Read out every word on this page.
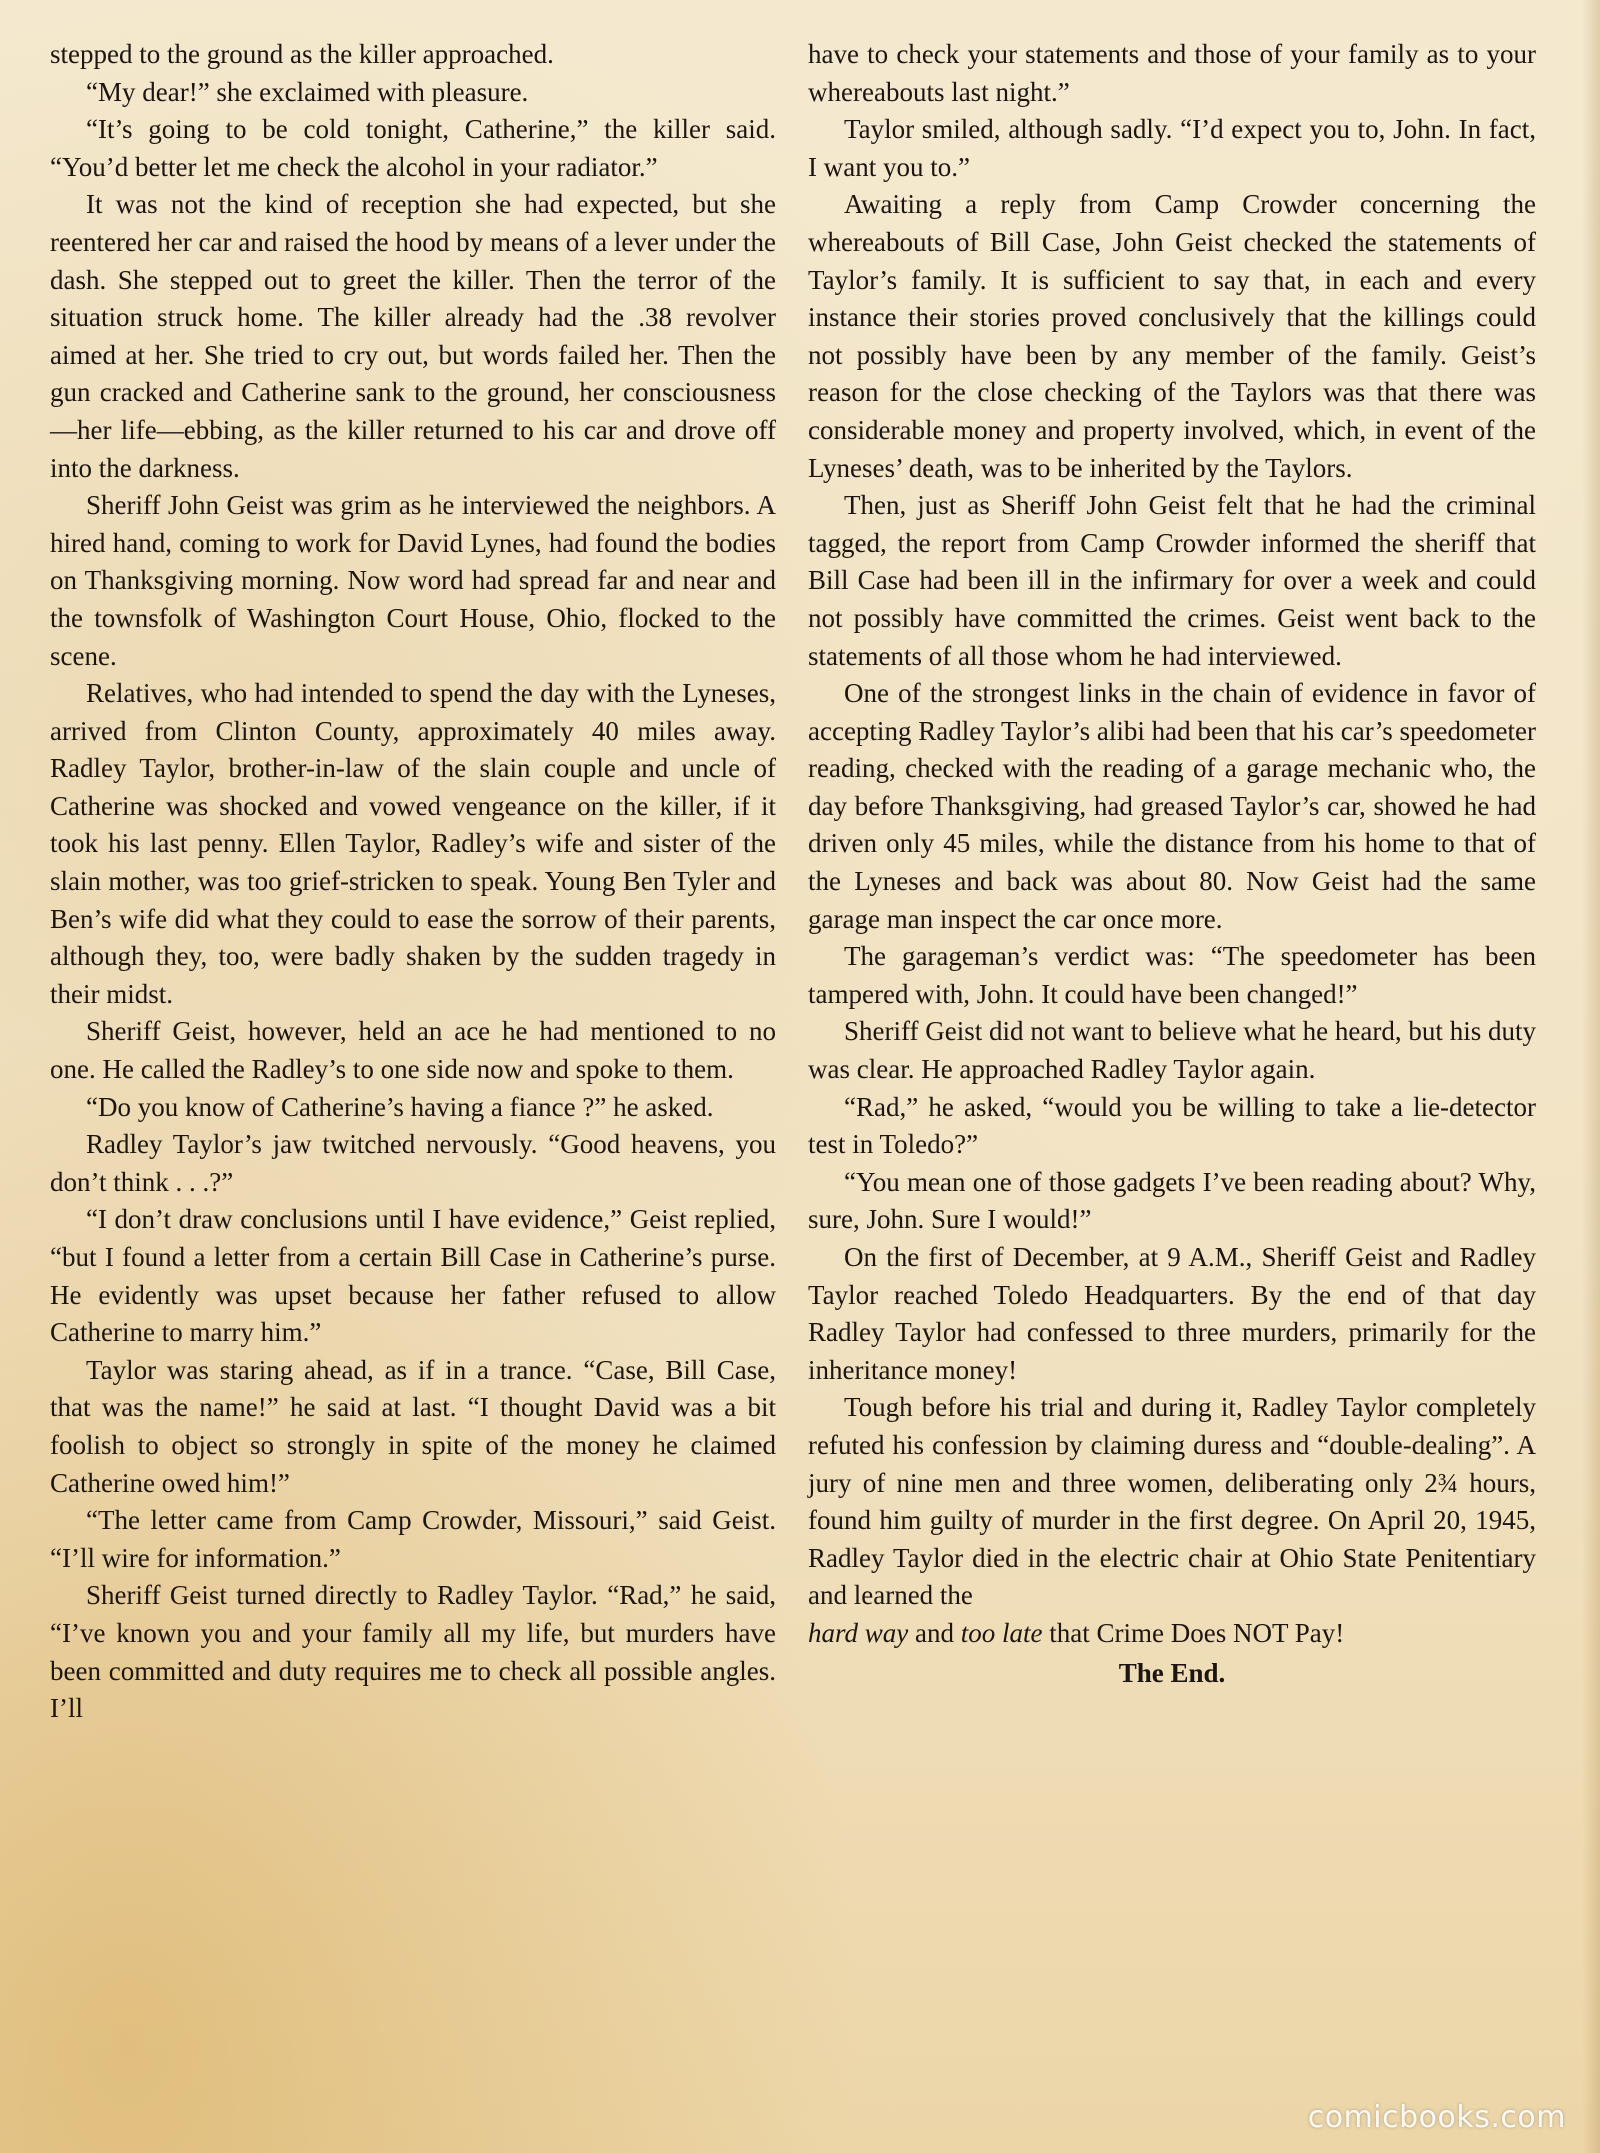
stepped to the ground as the killer approached.

“My dear!” she exclaimed with pleasure.

“It’s going to be cold tonight, Catherine,” the killer said. “You’d better let me check the alcohol in your radiator.”

It was not the kind of reception she had expected, but she reentered her car and raised the hood by means of a lever under the dash. She stepped out to greet the killer. Then the terror of the situation struck home. The killer already had the .38 revolver aimed at her. She tried to cry out, but words failed her. Then the gun cracked and Catherine sank to the ground, her consciousness—her life—ebbing, as the killer returned to his car and drove off into the darkness.

Sheriff John Geist was grim as he interviewed the neighbors. A hired hand, coming to work for David Lynes, had found the bodies on Thanksgiving morning. Now word had spread far and near and the townsfolk of Washington Court House, Ohio, flocked to the scene.

Relatives, who had intended to spend the day with the Lyneses, arrived from Clinton County, approximately 40 miles away. Radley Taylor, brother-in-law of the slain couple and uncle of Catherine was shocked and vowed vengeance on the killer, if it took his last penny. Ellen Taylor, Radley’s wife and sister of the slain mother, was too grief-stricken to speak. Young Ben Tyler and Ben’s wife did what they could to ease the sorrow of their parents, although they, too, were badly shaken by the sudden tragedy in their midst.

Sheriff Geist, however, held an ace he had mentioned to no one. He called the Radley’s to one side now and spoke to them.

“Do you know of Catherine’s having a fiance ?” he asked.

Radley Taylor’s jaw twitched nervously. “Good heavens, you don’t think . . .?”

“I don’t draw conclusions until I have evidence,” Geist replied, “but I found a letter from a certain Bill Case in Catherine’s purse. He evidently was upset because her father refused to allow Catherine to marry him.”

Taylor was staring ahead, as if in a trance. “Case, Bill Case, that was the name!” he said at last. “I thought David was a bit foolish to object so strongly in spite of the money he claimed Catherine owed him!”

“The letter came from Camp Crowder, Missouri,” said Geist. “I’ll wire for information.”

Sheriff Geist turned directly to Radley Taylor. “Rad,” he said, “I’ve known you and your family all my life, but murders have been committed and duty requires me to check all possible angles. I’ll

have to check your statements and those of your family as to your whereabouts last night.”

Taylor smiled, although sadly. “I’d expect you to, John. In fact, I want you to.”

Awaiting a reply from Camp Crowder concerning the whereabouts of Bill Case, John Geist checked the statements of Taylor’s family. It is sufficient to say that, in each and every instance their stories proved conclusively that the killings could not possibly have been by any member of the family. Geist’s reason for the close checking of the Taylors was that there was considerable money and property involved, which, in event of the Lyneses’ death, was to be inherited by the Taylors.

Then, just as Sheriff John Geist felt that he had the criminal tagged, the report from Camp Crowder informed the sheriff that Bill Case had been ill in the infirmary for over a week and could not possibly have committed the crimes. Geist went back to the statements of all those whom he had interviewed.

One of the strongest links in the chain of evidence in favor of accepting Radley Taylor’s alibi had been that his car’s speedometer reading, checked with the reading of a garage mechanic who, the day before Thanksgiving, had greased Taylor’s car, showed he had driven only 45 miles, while the distance from his home to that of the Lyneses and back was about 80. Now Geist had the same garage man inspect the car once more.

The garageman’s verdict was: “The speedometer has been tampered with, John. It could have been changed!”

Sheriff Geist did not want to believe what he heard, but his duty was clear. He approached Radley Taylor again.

“Rad,” he asked, “would you be willing to take a lie-detector test in Toledo?”

“You mean one of those gadgets I’ve been reading about? Why, sure, John. Sure I would!”

On the first of December, at 9 A.M., Sheriff Geist and Radley Taylor reached Toledo Headquarters. By the end of that day Radley Taylor had confessed to three murders, primarily for the inheritance money!

Tough before his trial and during it, Radley Taylor completely refuted his confession by claiming duress and “double-dealing”. A jury of nine men and three women, deliberating only 2¾ hours, found him guilty of murder in the first degree. On April 20, 1945, Radley Taylor died in the electric chair at Ohio State Penitentiary and learned the

hard way and too late that Crime Does NOT Pay!

The End.

comicbooks.com
